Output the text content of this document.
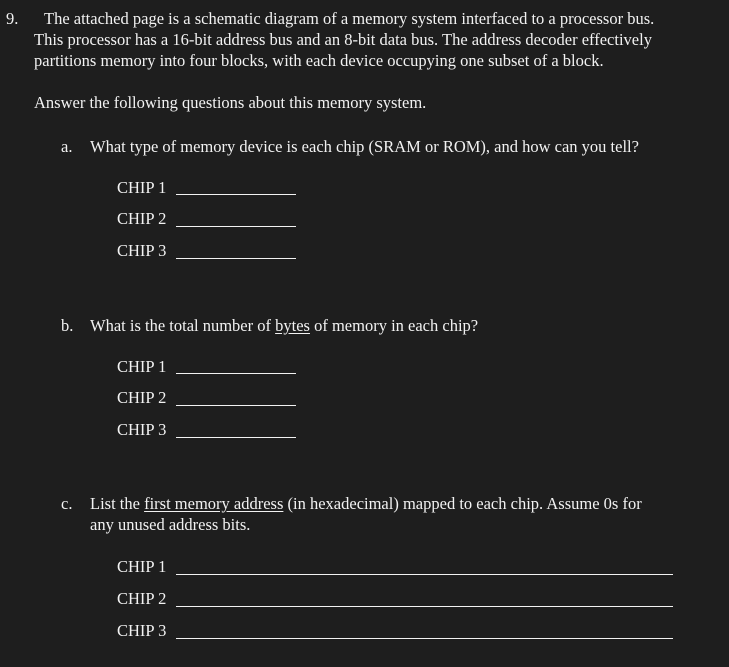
9. The attached page is a schematic diagram of a memory system interfaced to a processor bus.
This processor has a 16-bit address bus and an 8-bit data bus. The address decoder effectively
partitions memory into four blocks, with each device occupying one subset of a block.
Answer the following questions about this memory system.
a. What type of memory device is each chip (SRAM or ROM), and how can you tell?
CHIP 1
CHIP 2
CHIP 3
b. What is the total number of bytes of memory in each chip?
CHIP 1
CHIP 2
CHIP 3
c. List the first memory address (in hexadecimal) mapped to each chip. Assume 0s for
any unused address bits.
CHIP 1
CHIP 2
CHIP 3
